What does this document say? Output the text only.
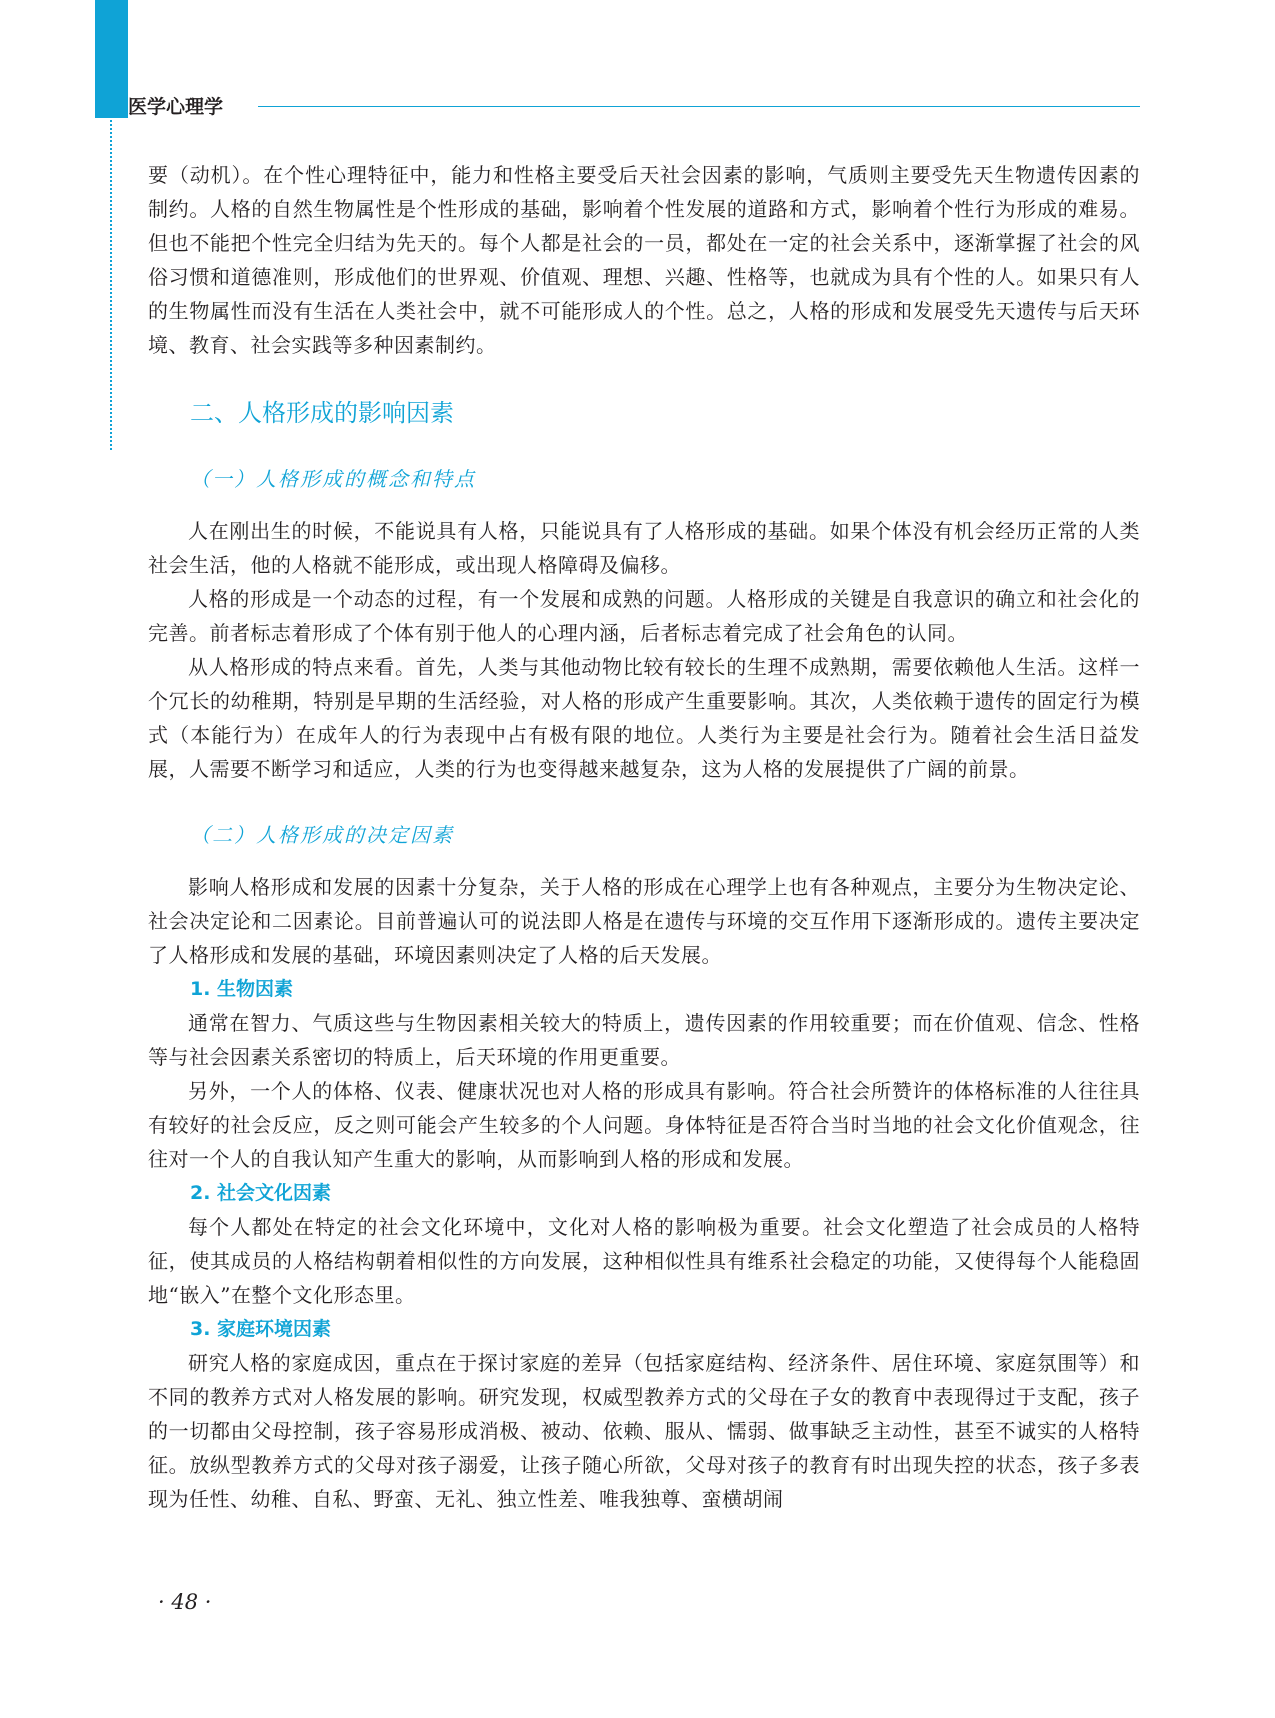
医学心理学

要（动机）。在个性心理特征中，能力和性格主要受后天社会因素的影响，气质则主要受先天生物遗传因素的制约。人格的自然生物属性是个性形成的基础，影响着个性发展的道路和方式，影响着个性行为形成的难易。但也不能把个性完全归结为先天的。每个人都是社会的一员，都处在一定的社会关系中，逐渐掌握了社会的风俗习惯和道德准则，形成他们的世界观、价值观、理想、兴趣、性格等，也就成为具有个性的人。如果只有人的生物属性而没有生活在人类社会中，就不可能形成人的个性。总之，人格的形成和发展受先天遗传与后天环境、教育、社会实践等多种因素制约。

二、人格形成的影响因素
（一）人格形成的概念和特点

人在刚出生的时候，不能说具有人格，只能说具有了人格形成的基础。如果个体没有机会经历正常的人类社会生活，他的人格就不能形成，或出现人格障碍及偏移。

人格的形成是一个动态的过程，有一个发展和成熟的问题。人格形成的关键是自我意识的确立和社会化的完善。前者标志着形成了个体有别于他人的心理内涵，后者标志着完成了社会角色的认同。

从人格形成的特点来看。首先，人类与其他动物比较有较长的生理不成熟期，需要依赖他人生活。这样一个冗长的幼稚期，特别是早期的生活经验，对人格的形成产生重要影响。其次，人类依赖于遗传的固定行为模式（本能行为）在成年人的行为表现中占有极有限的地位。人类行为主要是社会行为。随着社会生活日益发展，人需要不断学习和适应，人类的行为也变得越来越复杂，这为人格的发展提供了广阔的前景。

（二）人格形成的决定因素

影响人格形成和发展的因素十分复杂，关于人格的形成在心理学上也有各种观点，主要分为生物决定论、社会决定论和二因素论。目前普遍认可的说法即人格是在遗传与环境的交互作用下逐渐形成的。遗传主要决定了人格形成和发展的基础，环境因素则决定了人格的后天发展。

1. 生物因素

通常在智力、气质这些与生物因素相关较大的特质上，遗传因素的作用较重要；而在价值观、信念、性格等与社会因素关系密切的特质上，后天环境的作用更重要。

另外，一个人的体格、仪表、健康状况也对人格的形成具有影响。符合社会所赞许的体格标准的人往往具有较好的社会反应，反之则可能会产生较多的个人问题。身体特征是否符合当时当地的社会文化价值观念，往往对一个人的自我认知产生重大的影响，从而影响到人格的形成和发展。

2. 社会文化因素

每个人都处在特定的社会文化环境中，文化对人格的影响极为重要。社会文化塑造了社会成员的人格特征，使其成员的人格结构朝着相似性的方向发展，这种相似性具有维系社会稳定的功能，又使得每个人能稳固地“嵌入”在整个文化形态里。

3. 家庭环境因素

研究人格的家庭成因，重点在于探讨家庭的差异（包括家庭结构、经济条件、居住环境、家庭氛围等）和不同的教养方式对人格发展的影响。研究发现，权威型教养方式的父母在子女的教育中表现得过于支配，孩子的一切都由父母控制，孩子容易形成消极、被动、依赖、服从、懦弱、做事缺乏主动性，甚至不诚实的人格特征。放纵型教养方式的父母对孩子溺爱，让孩子随心所欲，父母对孩子的教育有时出现失控的状态，孩子多表现为任性、幼稚、自私、野蛮、无礼、独立性差、唯我独尊、蛮横胡闹

· 48 ·
